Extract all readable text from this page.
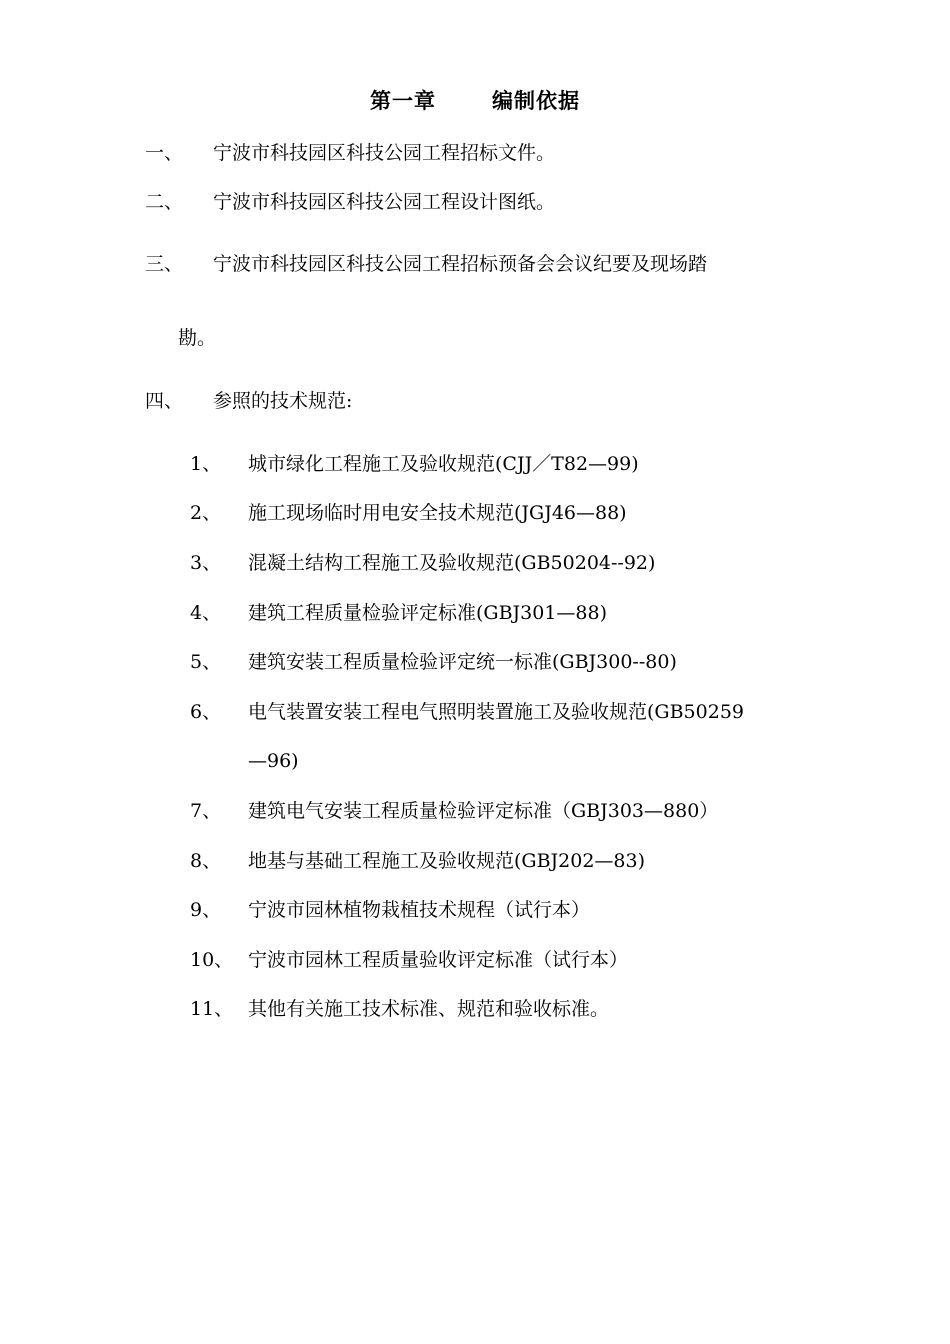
第一章	编制依据
一、 宁波市科技园区科技公园工程招标文件。
二、 宁波市科技园区科技公园工程设计图纸。
三、 宁波市科技园区科技公园工程招标预备会会议纪要及现场踏
勘。
四、 参照的技术规范:
1、 城市绿化工程施工及验收规范(CJJ／T82—99)
2、 施工现场临时用电安全技术规范(JGJ46—88)
3、 混凝土结构工程施工及验收规范(GB50204--92)
4、 建筑工程质量检验评定标准(GBJ301—88)
5、 建筑安装工程质量检验评定统一标准(GBJ300--80)
6、 电气装置安装工程电气照明装置施工及验收规范(GB50259
—96)
7、 建筑电气安装工程质量检验评定标准（GBJ303—880）
8、 地基与基础工程施工及验收规范(GBJ202—83)
9、 宁波市园林植物栽植技术规程（试行本）
10、 宁波市园林工程质量验收评定标准（试行本）
11、 其他有关施工技术标准、规范和验收标准。
